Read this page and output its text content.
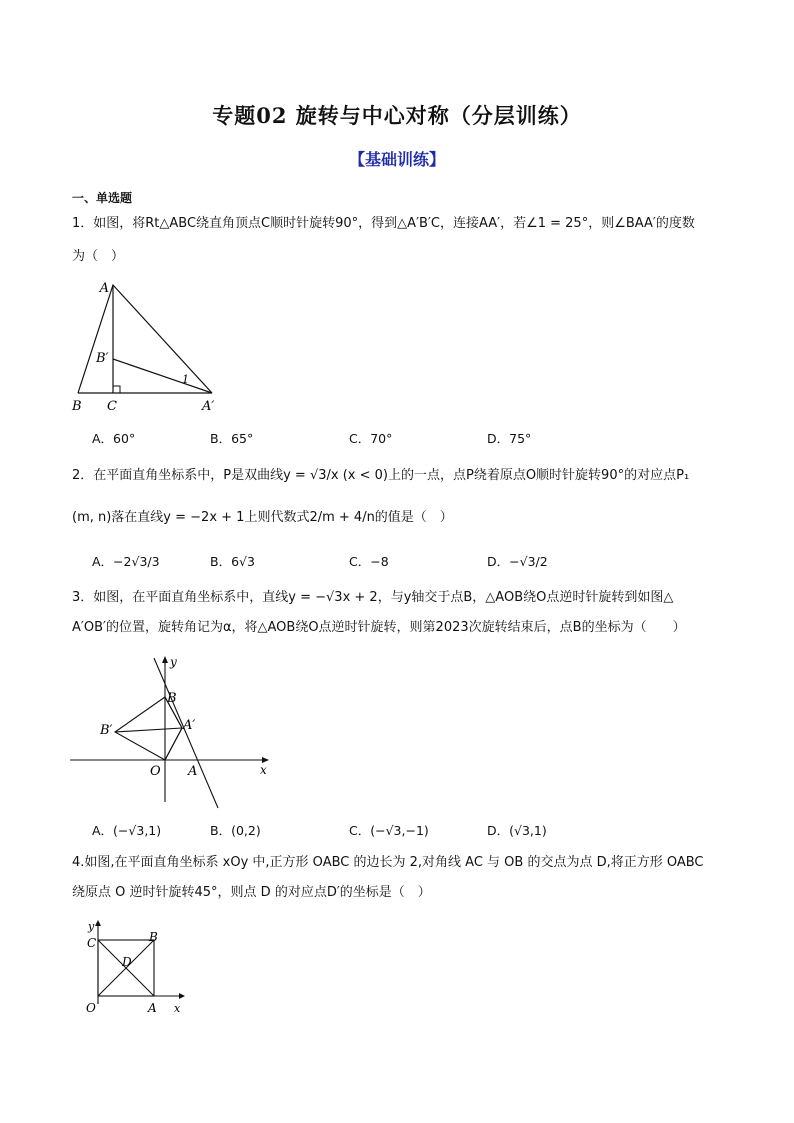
专题02 旋转与中心对称（分层训练）
【基础训练】
一、单选题
1．如图，将Rt△ABC绕直角顶点C顺时针旋转90°，得到△A′B′C，连接AA′，若∠1 = 25°，则∠BAA′的度数
为（　）
A
B C
B′
A′
1
A．60°	B．65°	C．70°	D．75°
2．在平面直角坐标系中，P是双曲线y = √3/x (x < 0)上的一点，点P绕着原点O顺时针旋转90°的对应点P₁
(m, n)落在直线y = −2x + 1上则代数式2/m + 4/n的值是（　）
A．−2√3/3	B．6√3	C．−8	D．−√3/2
3．如图，在平面直角坐标系中，直线y = −√3x + 2，与y轴交于点B，△AOB绕O点逆时针旋转到如图△
A′OB′的位置，旋转角记为α，将△AOB绕O点逆时针旋转，则第2023次旋转结束后，点B的坐标为（　　）
y
x
B
B′	A′
O A
A．(−√3,1)	B．(0,2)	C．(−√3,−1)	D．(√3,1)
4.如图,在平面直角坐标系 xOy 中,正方形 OABC 的边长为 2,对角线 AC 与 OB 的交点为点 D,将正方形 OABC
绕原点 O 逆时针旋转45°，则点 D 的对应点D′的坐标是（　）
y
x
C	B
D
O	A
